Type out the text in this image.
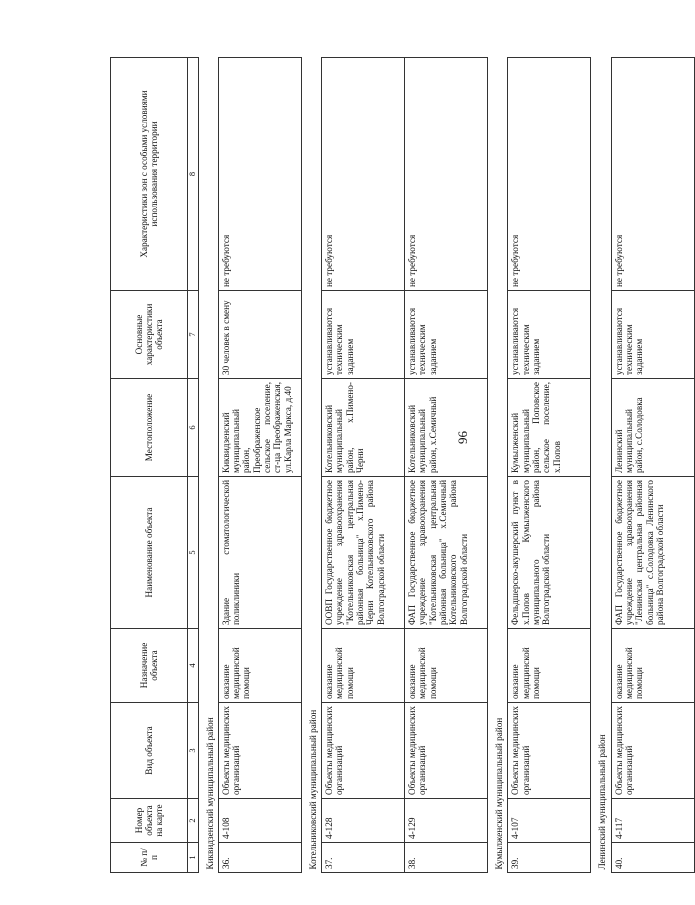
96
№ п/п	Номер объекта на карте	Вид объекта	Назначение объекта	Наименование объекта	Местоположение	Основные характеристики объекта	Характеристики зон с особыми условиями использования территории
1	2	3	4	5	6	7	8
Киквидзенский муниципальный район							
36.	4-108	Объекты медицинских организаций	оказание медицинской помощи	Здание стоматологической поликлиники	Киквидзенский муниципальный район, Преображенское сельское поселение, ст-ца Преображенская, ул.Карла Маркса, д.40	30 человек в смену	не требуются
Котельниковский муниципальный район							
37.	4-128	Объекты медицинских организаций	оказание медицинской помощи	ООВП Государственное бюджетное учреждение здравоохранения "Котельниковская центральная районная больница" х.Пимено-Черни Котельниковского района Волгоградской области	Котельниковский муниципальный район, х.Пимено-Черни	устанавливаются техническим заданием	не требуются
38.	4-129	Объекты медицинских организаций	оказание медицинской помощи	ФАП Государственное бюджетное учреждение здравоохранения "Котельниковская центральная районная больница" х.Семичный Котельниковского района Волгоградской области	Котельниковский муниципальный район, х.Семичный	устанавливаются техническим заданием	не требуются
Кумылженский муниципальный район							
39.	4-107	Объекты медицинских организаций	оказание медицинской помощи	Фельдшерско-акушерский пункт в х.Попов Кумылженского муниципального района Волгоградской области	Кумылженский муниципальный район, Поповское сельское поселение, х.Попов	устанавливаются техническим заданием	не требуются
Ленинский муниципальный район							
40.	4-117	Объекты медицинских организаций	оказание медицинской помощи	ФАП Государственное бюджетное учреждение здравоохранения "Ленинская центральная районная больница" с.Солодовка Ленинского района Волгоградской области	Ленинский муниципальный район, с.Солодовка	устанавливаются техническим заданием	не требуются
